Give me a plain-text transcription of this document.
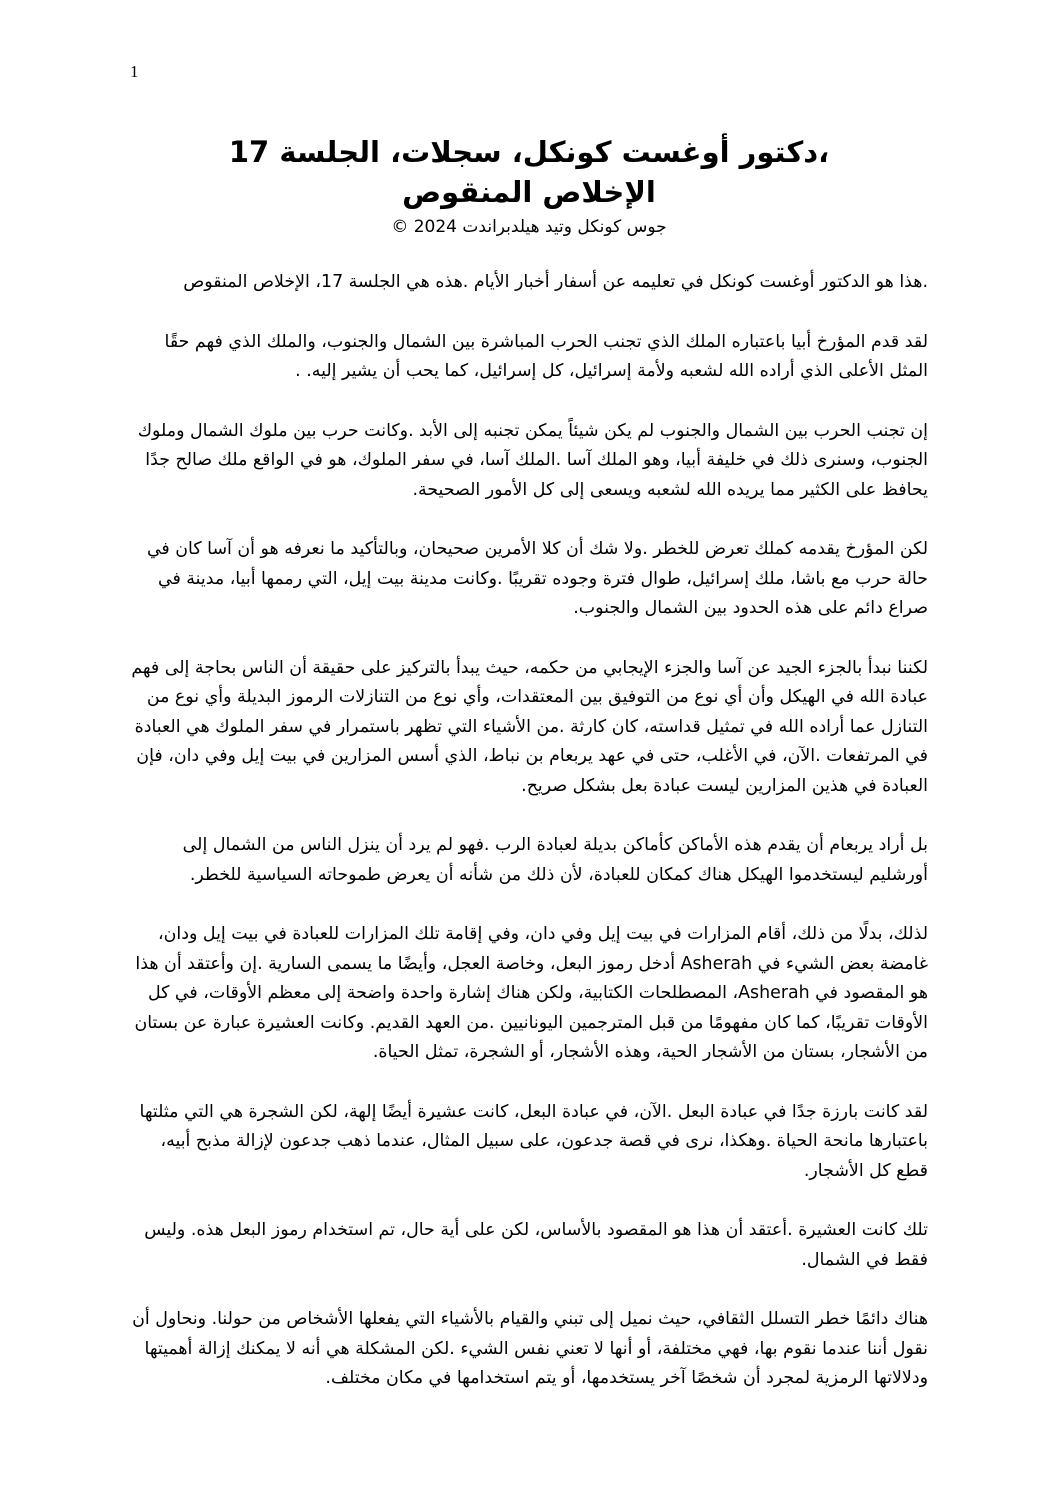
1
،دكتور أوغست كونكل، سجلات، الجلسة 17
الإخلاص المنقوص
جوس كونكل وتيد هيلدبراندت 2024 ©

.هذا هو الدكتور أوغست كونكل في تعليمه عن أسفار أخبار الأيام .هذه هي الجلسة 17، الإخلاص المنقوص

لقد قدم المؤرخ أبيا باعتباره الملك الذي تجنب الحرب المباشرة بين الشمال والجنوب، والملك الذي فهم حقًا المثل الأعلى الذي أراده الله لشعبه ولأمة إسرائيل، كل إسرائيل، كما يحب أن يشير إليه. .

إن تجنب الحرب بين الشمال والجنوب لم يكن شيئاً يمكن تجنبه إلى الأبد .وكانت حرب بين ملوك الشمال وملوك الجنوب، وسنرى ذلك في خليفة أبيا، وهو الملك آسا .الملك آسا، في سفر الملوك، هو في الواقع ملك صالح جدًا يحافظ على الكثير مما يريده الله لشعبه ويسعى إلى كل الأمور الصحيحة.

لكن المؤرخ يقدمه كملك تعرض للخطر .ولا شك أن كلا الأمرين صحيحان، وبالتأكيد ما نعرفه هو أن آسا كان في حالة حرب مع باشا، ملك إسرائيل، طوال فترة وجوده تقريبًا .وكانت مدينة بيت إيل، التي رممها أبيا، مدينة في صراع دائم على هذه الحدود بين الشمال والجنوب.

لكننا نبدأ بالجزء الجيد عن آسا والجزء الإيجابي من حكمه، حيث يبدأ بالتركيز على حقيقة أن الناس بحاجة إلى فهم عبادة الله في الهيكل وأن أي نوع من التوفيق بين المعتقدات، وأي نوع من التنازلات الرموز البديلة وأي نوع من التنازل عما أراده الله في تمثيل قداسته، كان كارثة .من الأشياء التي تظهر باستمرار في سفر الملوك هي العبادة في المرتفعات .الآن، في الأغلب، حتى في عهد يربعام بن نباط، الذي أسس المزارين في بيت إيل وفي دان، فإن العبادة في هذين المزارين ليست عبادة بعل بشكل صريح.

بل أراد يربعام أن يقدم هذه الأماكن كأماكن بديلة لعبادة الرب .فهو لم يرد أن ينزل الناس من الشمال إلى أورشليم ليستخدموا الهيكل هناك كمكان للعبادة، لأن ذلك من شأنه أن يعرض طموحاته السياسية للخطر.

لذلك، بدلًا من ذلك، أقام المزارات في بيت إيل وفي دان، وفي إقامة تلك المزارات للعبادة في بيت إيل ودان، غامضة بعض الشيء في Asherah أدخل رموز البعل، وخاصة العجل، وأيضًا ما يسمى السارية .إن وأعتقد أن هذا هو المقصود في Asherah، المصطلحات الكتابية، ولكن هناك إشارة واحدة واضحة إلى معظم الأوقات، في كل الأوقات تقريبًا، كما كان مفهومًا من قبل المترجمين اليونانيين .من العهد القديم. وكانت العشيرة عبارة عن بستان من الأشجار، بستان من الأشجار الحية، وهذه الأشجار، أو الشجرة، تمثل الحياة.

لقد كانت بارزة جدًا في عبادة البعل .الآن، في عبادة البعل، كانت عشيرة أيضًا إلهة، لكن الشجرة هي التي مثلتها باعتبارها مانحة الحياة .وهكذا، نرى في قصة جدعون، على سبيل المثال، عندما ذهب جدعون لإزالة مذبح أبيه، قطع كل الأشجار.

تلك كانت العشيرة .أعتقد أن هذا هو المقصود بالأساس، لكن على أية حال، تم استخدام رموز البعل هذه. وليس فقط في الشمال.

هناك دائمًا خطر التسلل الثقافي، حيث نميل إلى تبني والقيام بالأشياء التي يفعلها الأشخاص من حولنا. ونحاول أن نقول أننا عندما نقوم بها، فهي مختلفة، أو أنها لا تعني نفس الشيء .لكن المشكلة هي أنه لا يمكنك إزالة أهميتها ودلالاتها الرمزية لمجرد أن شخصًا آخر يستخدمها، أو يتم استخدامها في مكان مختلف.
